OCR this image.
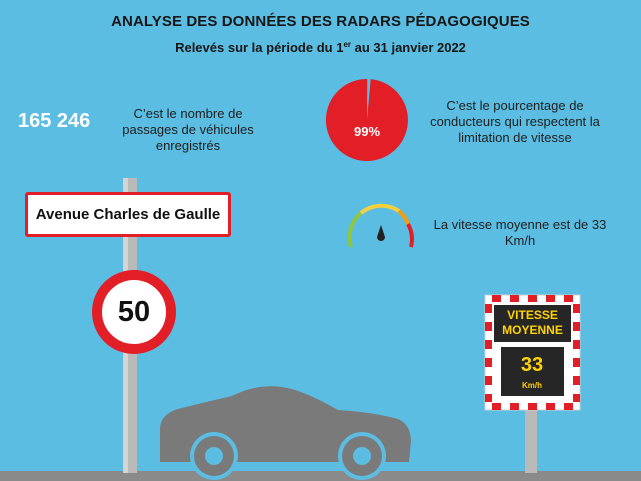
ANALYSE DES DONNÉES DES RADARS PÉDAGOGIQUES
Relevés sur la période du 1er au 31 janvier 2022
99%
165 246	C’est le nombre de passages de véhicules enregistrés
C’est le pourcentage de conducteurs qui respectent la limitation de vitesse
La vitesse moyenne est de 33 Km/h
Avenue Charles de Gaulle
50	VITESSE MOYENNE
33
Km/h
